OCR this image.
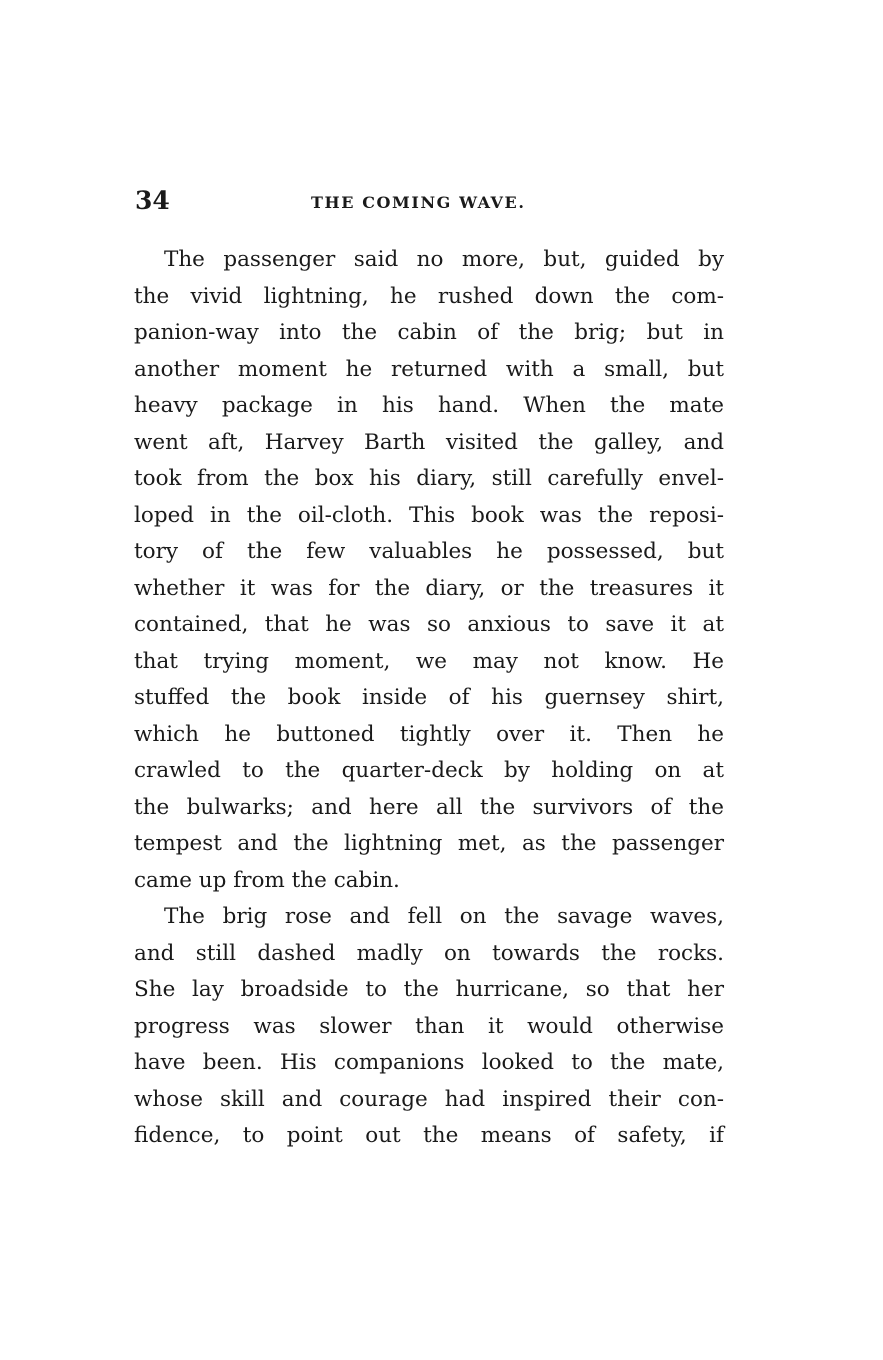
34	THE COMING WAVE.
The passenger said no more, but, guided by
the vivid lightning, he rushed down the com-
panion-way into the cabin of the brig; but in
another moment he returned with a small, but
heavy package in his hand. When the mate
went aft, Harvey Barth visited the galley, and
took from the box his diary, still carefully envel-
loped in the oil-cloth. This book was the reposi-
tory of the few valuables he possessed, but
whether it was for the diary, or the treasures it
contained, that he was so anxious to save it at
that trying moment, we may not know. He
stuffed the book inside of his guernsey shirt,
which he buttoned tightly over it. Then he
crawled to the quarter-deck by holding on at
the bulwarks; and here all the survivors of the
tempest and the lightning met, as the passenger
came up from the cabin.
The brig rose and fell on the savage waves,
and still dashed madly on towards the rocks.
She lay broadside to the hurricane, so that her
progress was slower than it would otherwise
have been. His companions looked to the mate,
whose skill and courage had inspired their con-
fidence, to point out the means of safety, if
